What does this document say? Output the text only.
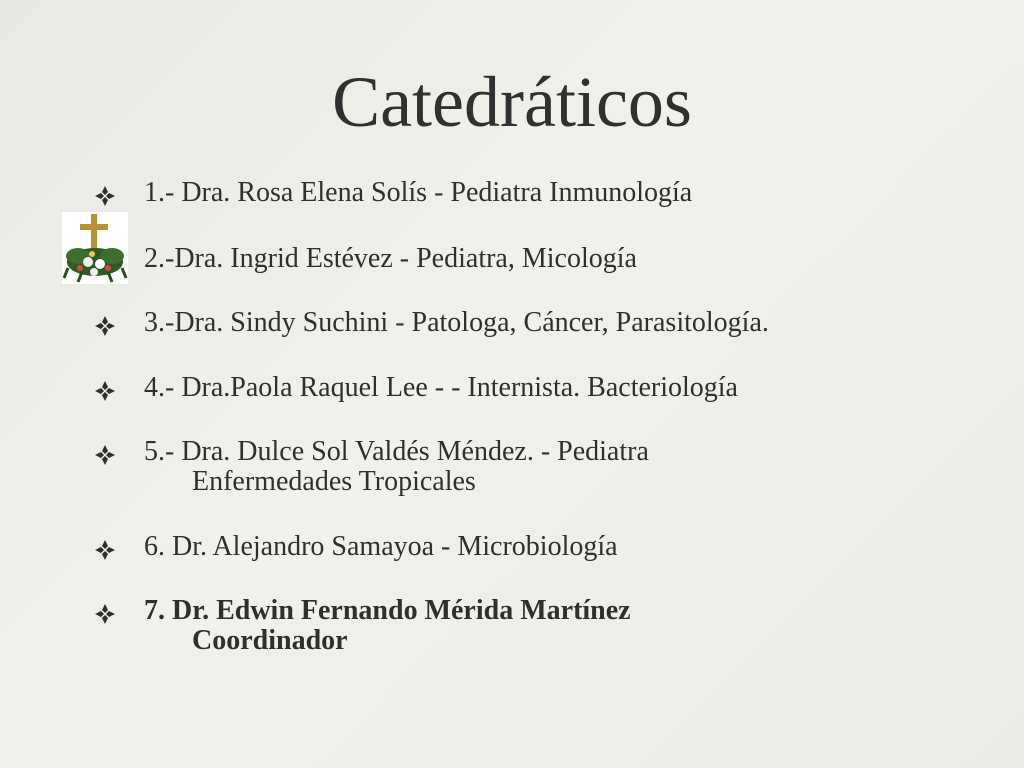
Catedráticos
1.- Dra. Rosa Elena Solís - Pediatra Inmunología
2.-Dra. Ingrid Estévez - Pediatra, Micología
3.-Dra. Sindy Suchini - Patologa, Cáncer, Parasitología.
4.- Dra.Paola Raquel Lee - - Internista. Bacteriología
5.- Dra. Dulce Sol Valdés Méndez. - Pediatra
Enfermedades Tropicales
6. Dr. Alejandro Samayoa - Microbiología
7. Dr. Edwin Fernando Mérida Martínez
Coordinador
